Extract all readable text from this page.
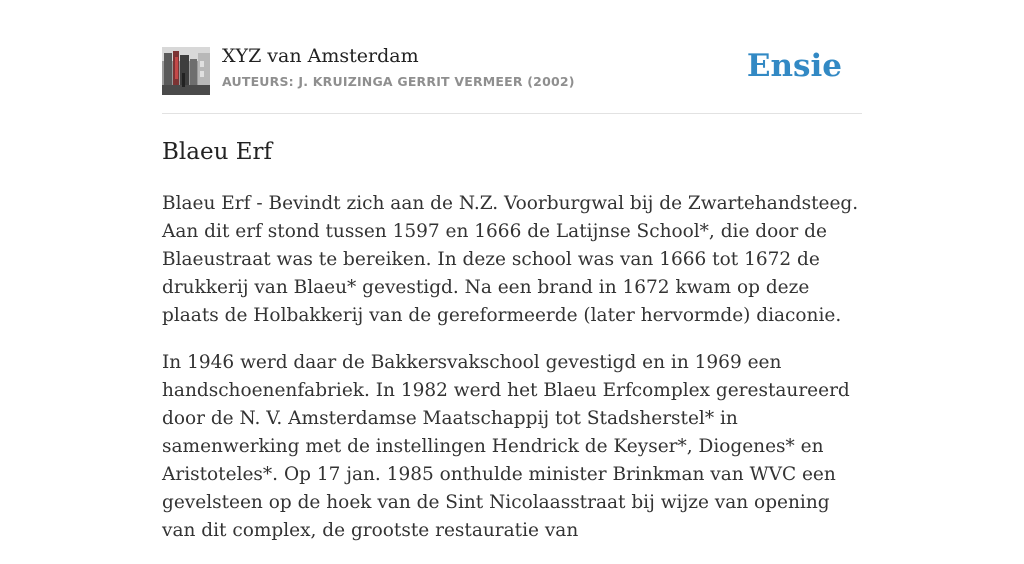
XYZ van Amsterdam
AUTEURS: J. KRUIZINGA GERRIT VERMEER (2002)	Ensie
Blaeu Erf

Blaeu Erf - Bevindt zich aan de N.Z. Voorburgwal bij de Zwartehandsteeg. Aan dit erf stond tussen 1597 en 1666 de Latijnse School*, die door de Blaeustraat was te bereiken. In deze school was van 1666 tot 1672 de drukkerij van Blaeu* gevestigd. Na een brand in 1672 kwam op deze plaats de Holbakkerij van de gereformeerde (later hervormde) diaconie.

In 1946 werd daar de Bakkersvakschool gevestigd en in 1969 een handschoenenfabriek. In 1982 werd het Blaeu Erfcomplex gerestaureerd door de N. V. Amsterdamse Maatschappij tot Stadsherstel* in samenwerking met de instellingen Hendrick de Keyser*, Diogenes* en Aristoteles*. Op 17 jan. 1985 onthulde minister Brinkman van WVC een gevelsteen op de hoek van de Sint Nicolaasstraat bij wijze van opening van dit complex, de grootste restauratie van
